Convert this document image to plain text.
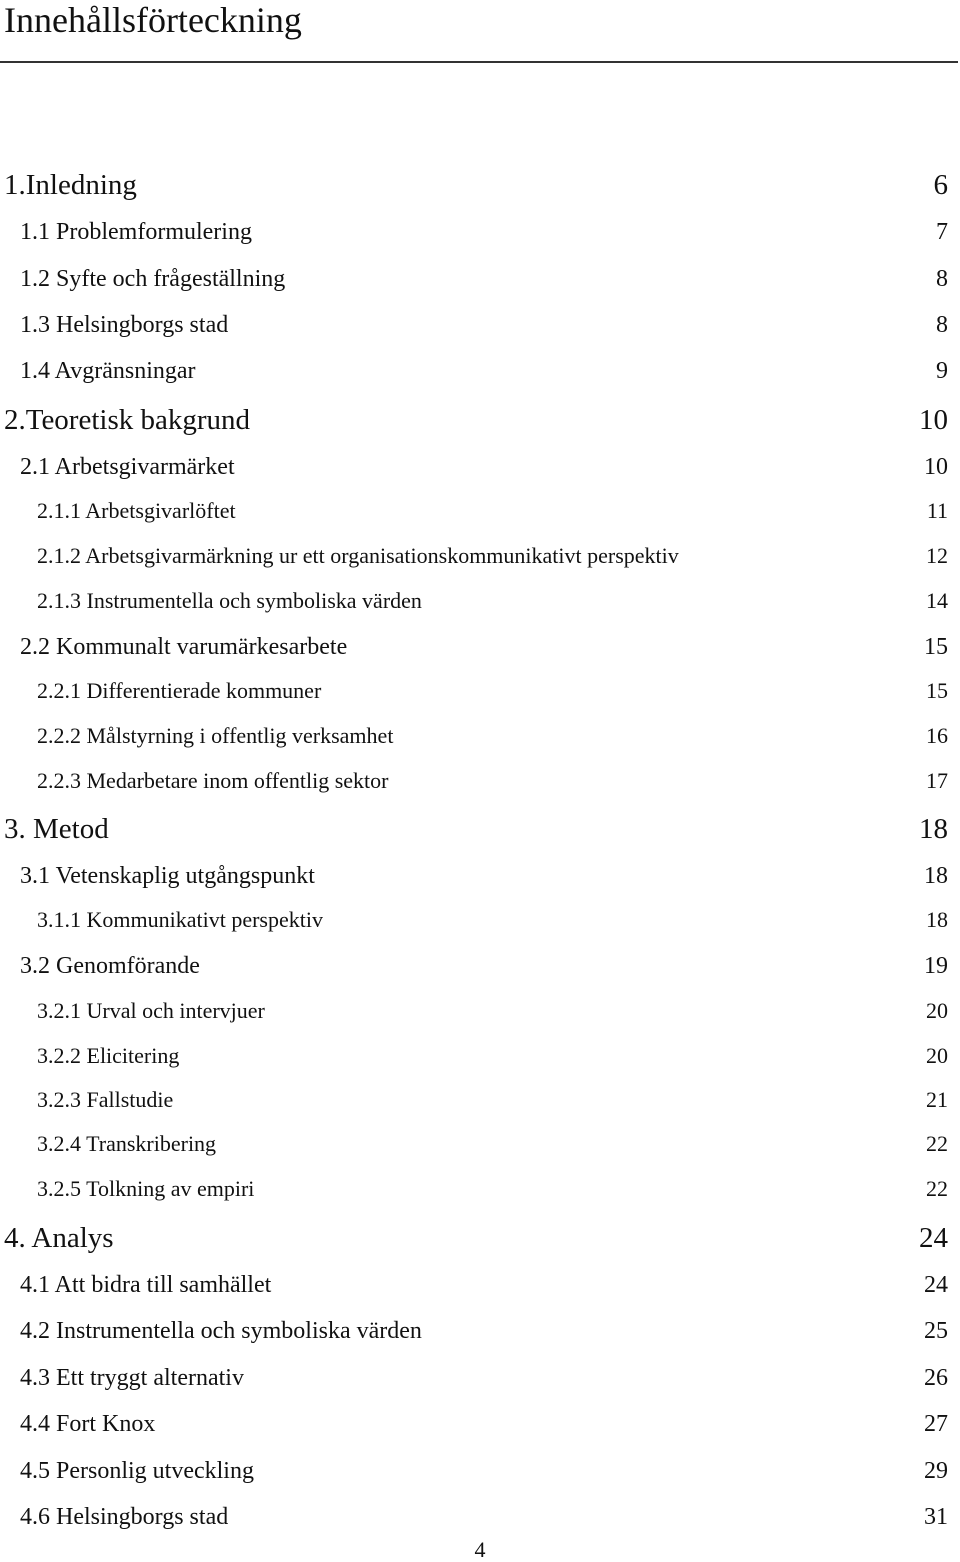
Innehållsförteckning
1.Inledning	6
1.1 Problemformulering	7
1.2 Syfte och frågeställning	8
1.3 Helsingborgs stad	8
1.4 Avgränsningar	9
2.Teoretisk bakgrund	10
2.1 Arbetsgivarmärket	10
2.1.1 Arbetsgivarlöftet	11
2.1.2 Arbetsgivarmärkning ur ett organisationskommunikativt perspektiv	12
2.1.3 Instrumentella och symboliska värden	14
2.2 Kommunalt varumärkesarbete	15
2.2.1 Differentierade kommuner	15
2.2.2 Målstyrning i offentlig verksamhet	16
2.2.3 Medarbetare inom offentlig sektor	17
3. Metod	18
3.1 Vetenskaplig utgångspunkt	18
3.1.1 Kommunikativt perspektiv	18
3.2 Genomförande	19
3.2.1 Urval och intervjuer	20
3.2.2 Elicitering	20
3.2.3 Fallstudie	21
3.2.4 Transkribering	22
3.2.5 Tolkning av empiri	22
4. Analys	24
4.1 Att bidra till samhället	24
4.2 Instrumentella och symboliska värden	25
4.3 Ett tryggt alternativ	26
4.4 Fort Knox	27
4.5 Personlig utveckling	29
4.6 Helsingborgs stad	31
4
